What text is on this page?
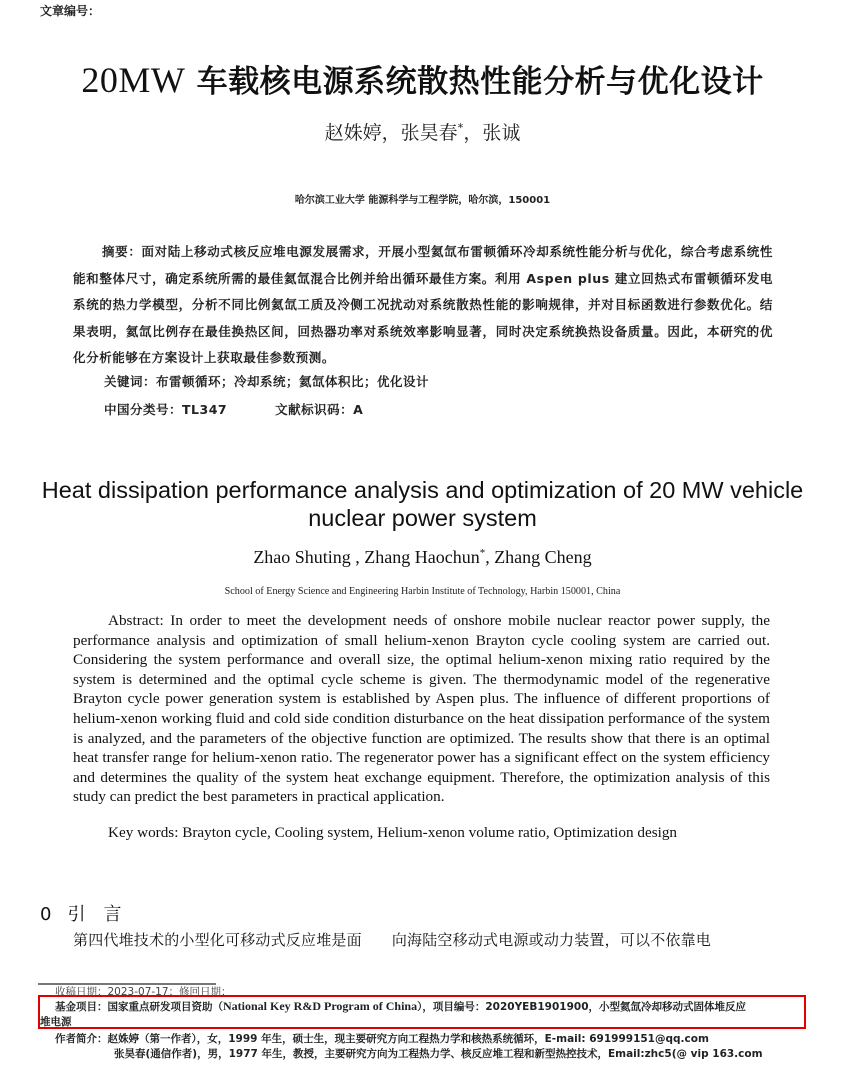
文章编号：
20MW 车载核电源系统散热性能分析与优化设计
赵姝婷，张昊春*，张诚
哈尔滨工业大学 能源科学与工程学院，哈尔滨，150001
摘要：面对陆上移动式核反应堆电源发展需求，开展小型氦氙布雷顿循环冷却系统性能分析与优化，综合考虑系统性能和整体尺寸，确定系统所需的最佳氦氙混合比例并给出循环最佳方案。利用 Aspen plus 建立回热式布雷顿循环发电系统的热力学模型，分析不同比例氦氙工质及冷侧工况扰动对系统散热性能的影响规律，并对目标函数进行参数优化。结果表明，氦氙比例存在最佳换热区间，回热器功率对系统效率影响显著，同时决定系统换热设备质量。因此，本研究的优化分析能够在方案设计上获取最佳参数预测。
关键词：布雷顿循环；冷却系统；氦氙体积比；优化设计
中国分类号：TL347	文献标识码：A
Heat dissipation performance analysis and optimization of 20 MW vehicle nuclear power system
Zhao Shuting , Zhang Haochun*, Zhang Cheng
School of Energy Science and Engineering Harbin Institute of Technology, Harbin 150001, China
Abstract: In order to meet the development needs of onshore mobile nuclear reactor power supply, the performance analysis and optimization of small helium-xenon Brayton cycle cooling system are carried out. Considering the system performance and overall size, the optimal helium-xenon mixing ratio required by the system is determined and the optimal cycle scheme is given. The thermodynamic model of the regenerative Brayton cycle power generation system is established by Aspen plus. The influence of different proportions of helium-xenon working fluid and cold side condition disturbance on the heat dissipation performance of the system is analyzed, and the parameters of the objective function are optimized. The results show that there is an optimal heat transfer range for helium-xenon ratio. The regenerator power has a significant effect on the system efficiency and determines the quality of the system heat exchange equipment. Therefore, the optimization analysis of this study can predict the best parameters in practical application.
Key words: Brayton cycle, Cooling system, Helium-xenon volume ratio, Optimization design
0 引 言
第四代堆技术的小型化可移动式反应堆是面 向海陆空移动式电源或动力装置，可以不依靠电
收稿日期：2023-07-17；修回日期：
基金项目：国家重点研发项目资助（National Key R&D Program of China），项目编号：2020YEB1901900，小型氦氙冷却移动式固体堆反应
堆电源
作者简介：赵姝婷（第一作者），女，1999 年生，硕士生，现主要研究方向工程热力学和核热系统循环，E-mail: 691999151@qq.com
张昊春(通信作者)，男，1977 年生，教授，主要研究方向为工程热力学、核反应堆工程和新型热控技术，Email:zhc5(@ vip 163.com
